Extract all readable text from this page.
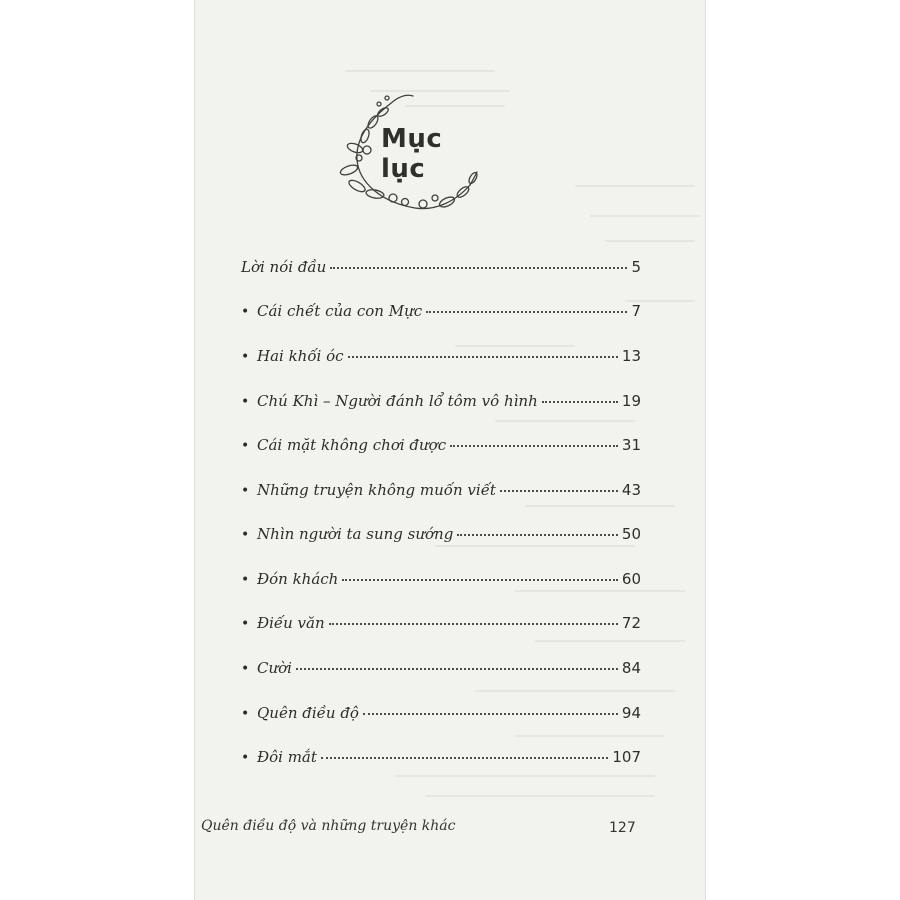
Mục lục
Lời nói đầu	5
• Cái chết của con Mực	7
• Hai khối óc	13
• Chú Khì – Người đánh lổ tôm vô hình	19
• Cái mặt không chơi được	31
• Những truyện không muốn viết	43
• Nhìn người ta sung sướng	50
• Đón khách	60
• Điếu văn	72
• Cười	84
• Quên điều độ	94
• Đôi mắt	107
Quên điều độ và những truyện khác	127
